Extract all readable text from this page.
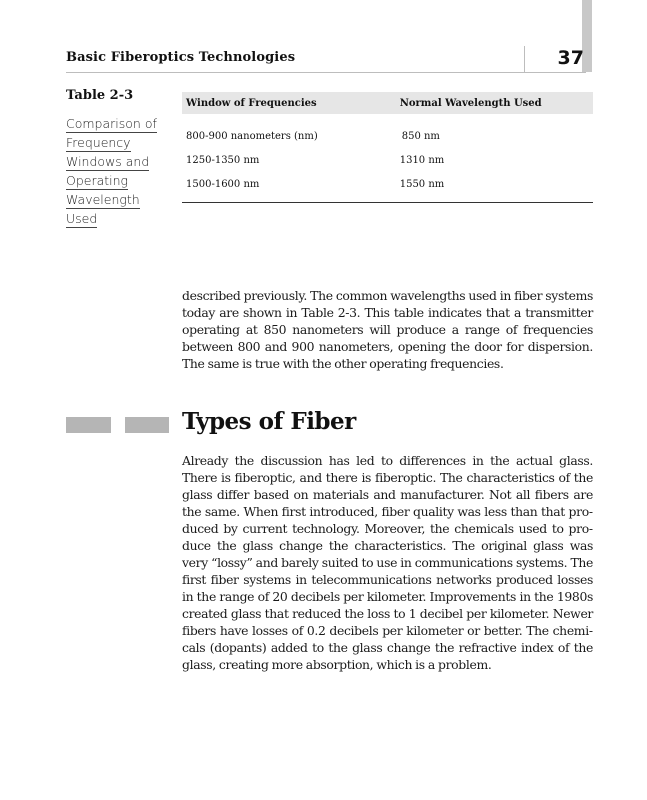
Basic Fiberoptics Technologies	37
Table 2-3
Comparison of Frequency Windows and Operating Wavelength Used
Window of Frequencies	Normal Wavelength Used
800-900 nanometers (nm)	850 nm
1250-1350 nm	1310 nm
1500-1600 nm	1550 nm

described previously. The common wavelengths used in fiber systems today are shown in Table 2-3. This table indicates that a transmitter operating at 850 nanometers will produce a range of frequencies between 800 and 900 nanometers, opening the door for dispersion. The same is true with the other operating frequencies.

Types of Fiber

Already the discussion has led to differences in the actual glass. There is fiberoptic, and there is fiberoptic. The characteristics of the glass differ based on materials and manufacturer. Not all fibers are the same. When first introduced, fiber quality was less than that produced by current technology. Moreover, the chemicals used to produce the glass change the characteristics. The original glass was very “lossy” and barely suited to use in communications systems. The first fiber systems in telecommunications networks produced losses in the range of 20 decibels per kilometer. Improvements in the 1980s created glass that reduced the loss to 1 decibel per kilometer. Newer fibers have losses of 0.2 decibels per kilometer or better. The chemicals (dopants) added to the glass change the refractive index of the glass, creating more absorption, which is a problem.
